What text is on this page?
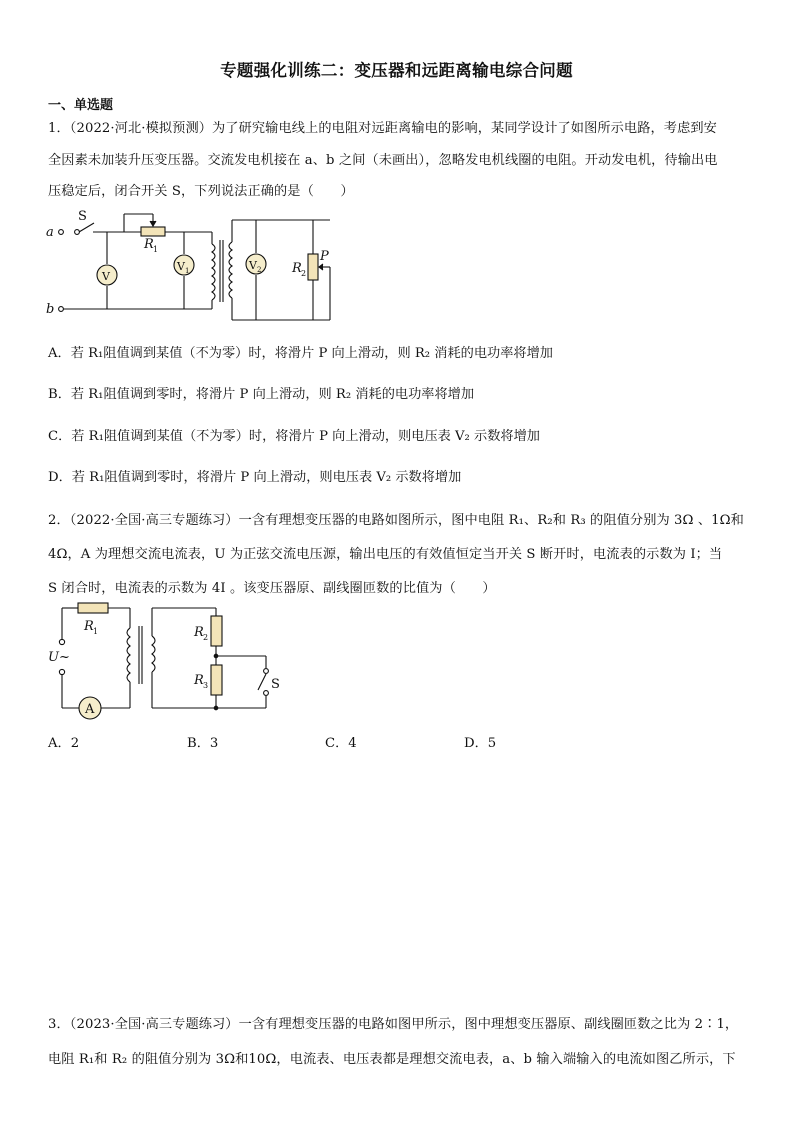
专题强化训练二：变压器和远距离输电综合问题
一、单选题
1．（2022·河北·模拟预测）为了研究输电线上的电阻对远距离输电的影响，某同学设计了如图所示电路，考虑到安
全因素未加装升压变压器。交流发电机接在 a、b 之间（未画出），忽略发电机线圈的电阻。开动发电机，待输出电
压稳定后，闭合开关 S，下列说法正确的是（　　）
a
b
S
R 1
V
V 1	V 2 R 2
P
A．若 R₁阻值调到某值（不为零）时，将滑片 P 向上滑动，则 R₂ 消耗的电功率将增加
B．若 R₁阻值调到零时，将滑片 P 向上滑动，则 R₂ 消耗的电功率将增加
C．若 R₁阻值调到某值（不为零）时，将滑片 P 向上滑动，则电压表 V₂ 示数将增加
D．若 R₁阻值调到零时，将滑片 P 向上滑动，则电压表 V₂ 示数将增加
2．（2022·全国·高三专题练习）一含有理想变压器的电路如图所示，图中电阻 R₁、R₂和 R₃ 的阻值分别为 3Ω 、1Ω和
4Ω，A 为理想交流电流表，U 为正弦交流电压源，输出电压的有效值恒定当开关 S 断开时，电流表的示数为 I；当
S 闭合时，电流表的示数为 4I 。该变压器原、副线圈匝数的比值为（　　）
R 1
U~
A
R 2
R 3	S
A．2	B．3	C．4	D．5
3．（2023·全国·高三专题练习）一含有理想变压器的电路如图甲所示，图中理想变压器原、副线圈匝数之比为 2∶1，
电阻 R₁和 R₂ 的阻值分别为 3Ω和10Ω，电流表、电压表都是理想交流电表，a、b 输入端输入的电流如图乙所示，下
